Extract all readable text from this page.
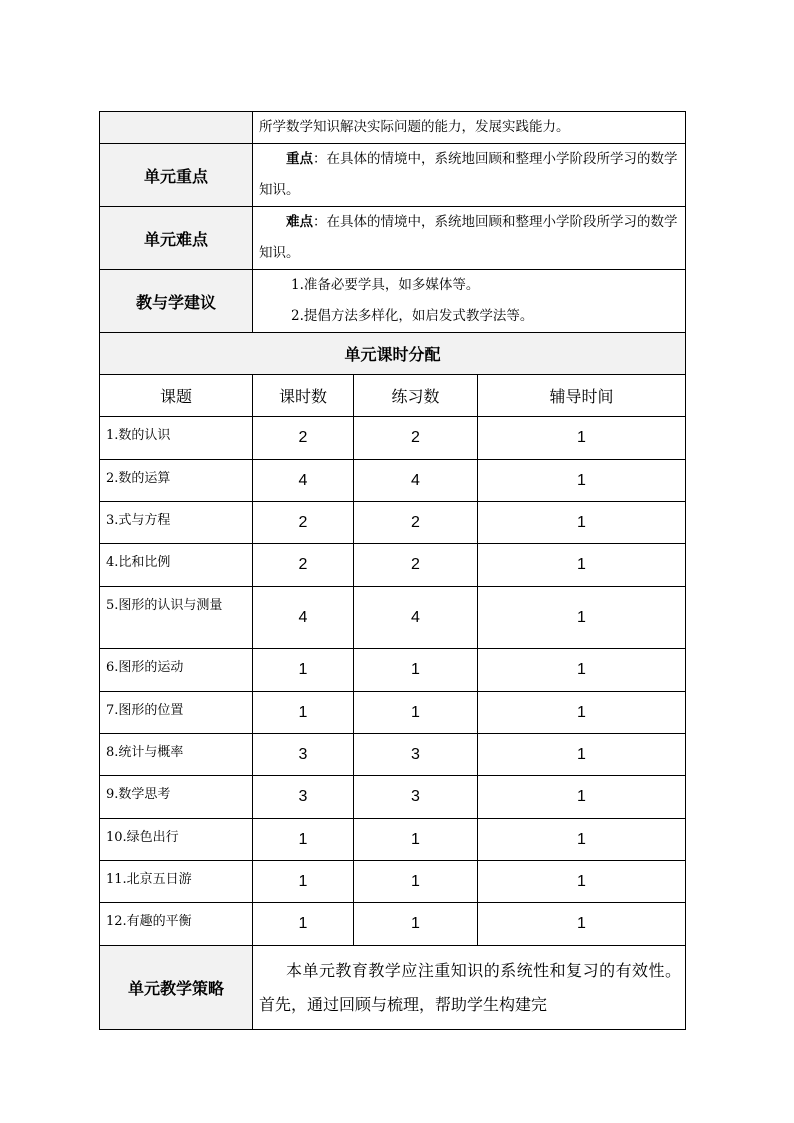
	所学数学知识解决实际问题的能力，发展实践能力。		
单元重点	重点：在具体的情境中，系统地回顾和整理小学阶段所学习的数学知识。		
单元难点	难点：在具体的情境中，系统地回顾和整理小学阶段所学习的数学知识。		
教与学建议	1.准备必要学具，如多媒体等。
2.提倡方法多样化，如启发式教学法等。		

单元课时分配			
课题	课时数	练习数	辅导时间
1.数的认识	2	2	1
2.数的运算	4	4	1
3.式与方程	2	2	1
4.比和比例	2	2	1
5.图形的认识与测量	4	4	1
6.图形的运动	1	1	1
7.图形的位置	1	1	1
8.统计与概率	3	3	1
9.数学思考	3	3	1
10.绿色出行	1	1	1
11.北京五日游	1	1	1
12.有趣的平衡	1	1	1
单元教学策略	本单元教育教学应注重知识的系统性和复习的有效性。首先，通过回顾与梳理，帮助学生构建完		
